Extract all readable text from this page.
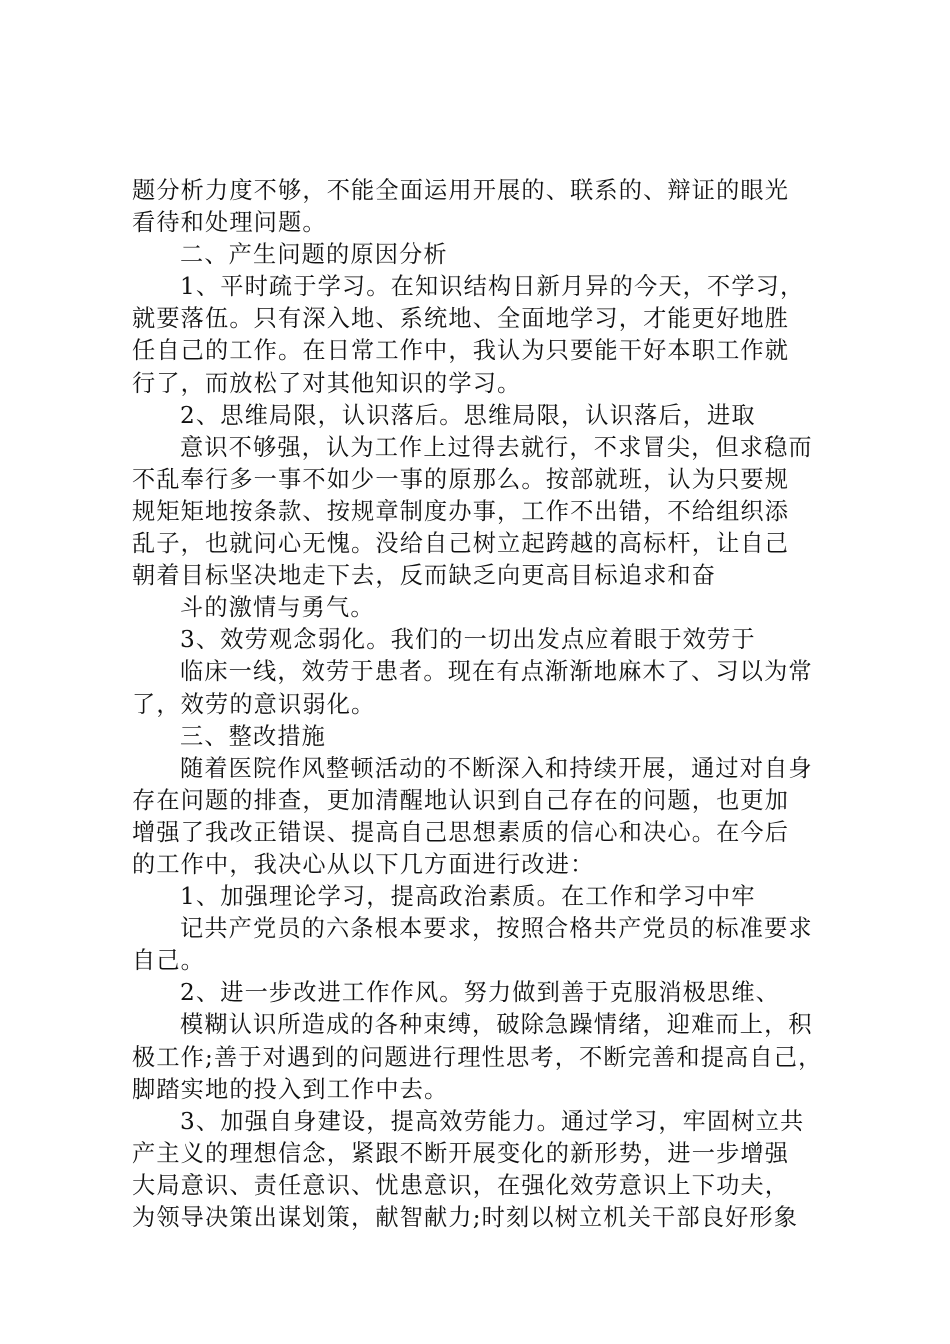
题分析力度不够，不能全面运用开展的、联系的、辩证的眼光
看待和处理问题。
二、产生问题的原因分析
1、平时疏于学习。在知识结构日新月异的今天，不学习，
就要落伍。只有深入地、系统地、全面地学习，才能更好地胜
任自己的工作。在日常工作中，我认为只要能干好本职工作就
行了，而放松了对其他知识的学习。
2、思维局限，认识落后。思维局限，认识落后，进取
意识不够强，认为工作上过得去就行，不求冒尖，但求稳而
不乱奉行多一事不如少一事的原那么。按部就班，认为只要规
规矩矩地按条款、按规章制度办事，工作不出错，不给组织添
乱子，也就问心无愧。没给自己树立起跨越的高标杆，让自己
朝着目标坚决地走下去，反而缺乏向更高目标追求和奋
斗的激情与勇气。
3、效劳观念弱化。我们的一切出发点应着眼于效劳于
临床一线，效劳于患者。现在有点渐渐地麻木了、习以为常
了，效劳的意识弱化。
三、整改措施
随着医院作风整顿活动的不断深入和持续开展，通过对自身
存在问题的排查，更加清醒地认识到自己存在的问题，也更加
增强了我改正错误、提高自己思想素质的信心和决心。在今后
的工作中，我决心从以下几方面进行改进：
1、加强理论学习，提高政治素质。在工作和学习中牢
记共产党员的六条根本要求，按照合格共产党员的标准要求
自己。
2、进一步改进工作作风。努力做到善于克服消极思维、
模糊认识所造成的各种束缚，破除急躁情绪，迎难而上，积
极工作;善于对遇到的问题进行理性思考，不断完善和提高自己，
脚踏实地的投入到工作中去。
3、加强自身建设，提高效劳能力。通过学习，牢固树立共
产主义的理想信念，紧跟不断开展变化的新形势，进一步增强
大局意识、责任意识、忧患意识，在强化效劳意识上下功夫，
为领导决策出谋划策，献智献力;时刻以树立机关干部良好形象
